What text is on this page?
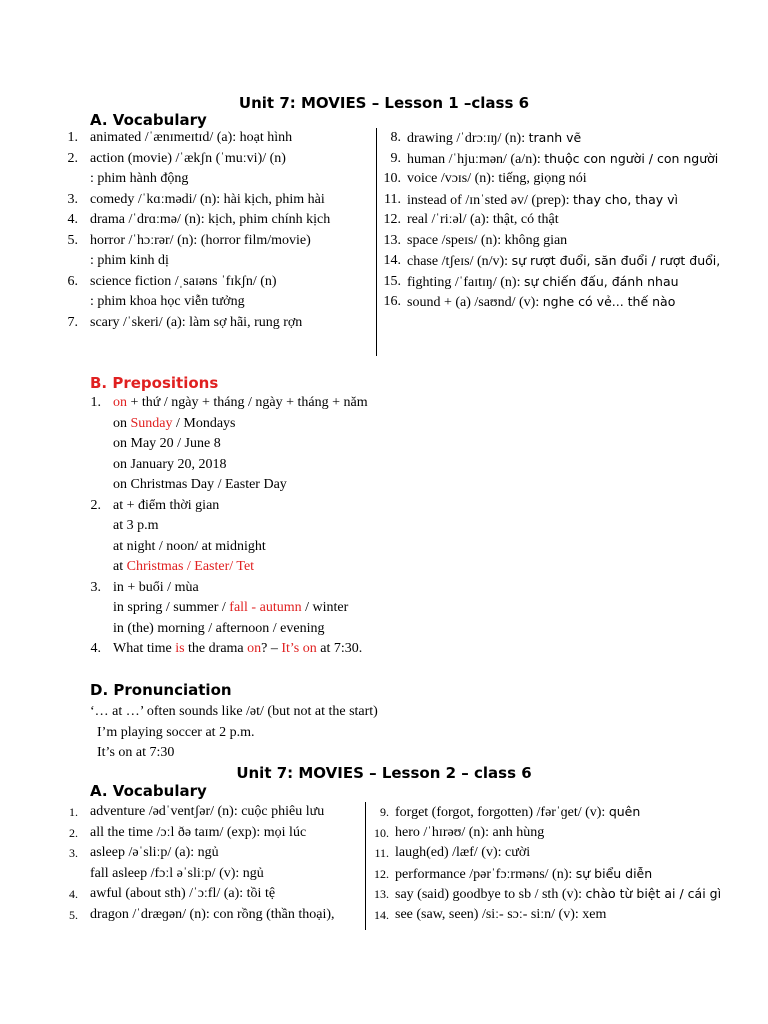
Unit 7: MOVIES – Lesson 1 –class 6
A. Vocabulary
1. animated /ˈænɪmeɪtɪd/ (a): hoạt hình
2. action (movie) /ˈækʃn (ˈmuːvi)/ (n)
: phim hành động
3. comedy /ˈkɑːmədi/ (n): hài kịch, phim hài
4. drama /ˈdrɑːmə/ (n): kịch, phim chính kịch
5. horror /ˈhɔːrər/ (n): (horror film/movie)
: phim kinh dị
6. science fiction /ˌsaɪəns ˈfɪkʃn/ (n)
: phim khoa học viễn tưởng
7. scary /ˈskeri/ (a): làm sợ hãi, rung rợn
8. drawing /ˈdrɔːɪŋ/ (n): tranh vẽ
9. human /ˈhjuːmən/ (a/n): thuộc con người / con người
10. voice /vɔɪs/ (n): tiếng, giọng nói
11. instead of /ɪnˈsted əv/ (prep): thay cho, thay vì
12. real /ˈriːəl/ (a): thật, có thật
13. space /speɪs/ (n): không gian
14. chase /tʃeɪs/ (n/v): sự rượt đuổi, săn đuổi / rượt đuổi,
15. fighting /ˈfaɪtɪŋ/ (n): sự chiến đấu, đánh nhau
16. sound + (a) /saʊnd/ (v): nghe có vẻ... thế nào
B. Prepositions
1. on + thứ / ngày + tháng / ngày + tháng + năm
on Sunday / Mondays
on May 20 / June 8
on January 20, 2018
on Christmas Day / Easter Day
2. at + điểm thời gian
at 3 p.m
at night / noon/ at midnight
at Christmas / Easter/ Tet
3. in + buổi / mùa
in spring / summer / fall - autumn / winter
in (the) morning / afternoon / evening
4. What time is the drama on? – It’s on at 7:30.
D. Pronunciation
‘… at …’ often sounds like /ət/ (but not at the start)
I’m playing soccer at 2 p.m.
It’s on at 7:30
Unit 7: MOVIES – Lesson 2 – class 6
A. Vocabulary
1. adventure /ədˈventʃər/ (n): cuộc phiêu lưu
2. all the time /ɔːl ðə taɪm/ (exp): mọi lúc
3. asleep /əˈsliːp/ (a): ngủ
fall asleep /fɔːl əˈsliːp/ (v): ngủ
4. awful (about sth) /ˈɔːfl/ (a): tồi tệ
5. dragon /ˈdræɡən/ (n): con rồng (thần thoại),
9. forget (forgot, forgotten) /fərˈɡet/ (v): quên
10. hero /ˈhɪrəʊ/ (n): anh hùng
11. laugh(ed) /læf/ (v): cười
12. performance /pərˈfɔːrməns/ (n): sự biểu diễn
13. say (said) goodbye to sb / sth (v): chào từ biệt ai / cái gì
14. see (saw, seen) /siː- sɔː- siːn/ (v): xem
